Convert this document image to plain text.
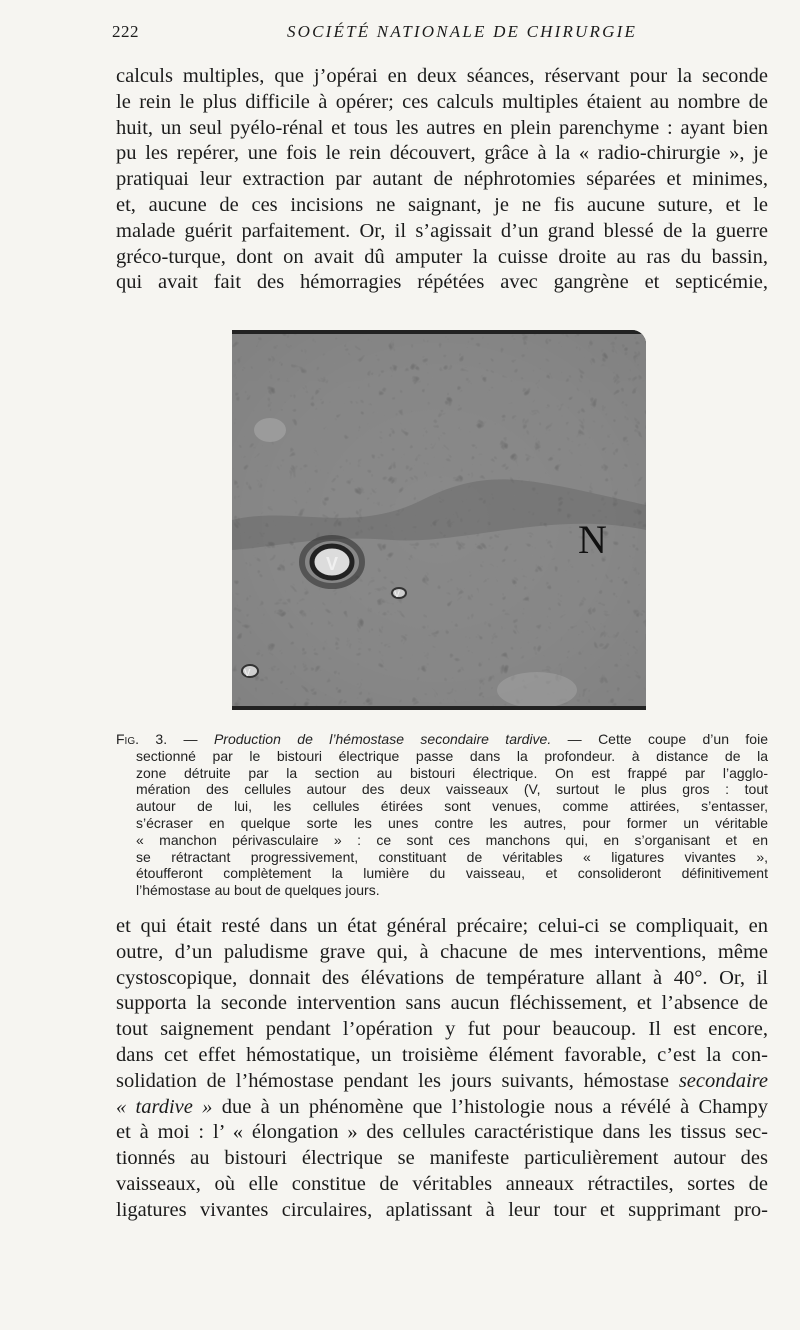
222	SOCIÉTÉ NATIONALE DE CHIRURGIE
calculs multiples, que j’opérai en deux séances, réservant pour la seconde
le rein le plus difficile à opérer; ces calculs multiples étaient au nombre de
huit, un seul pyélo-rénal et tous les autres en plein parenchyme : ayant bien
pu les repérer, une fois le rein découvert, grâce à la « radio-chirurgie », je
pratiquai leur extraction par autant de néphrotomies séparées et minimes,
et, aucune de ces incisions ne saignant, je ne fis aucune suture, et le
malade guérit parfaitement. Or, il s’agissait d’un grand blessé de la guerre
gréco-turque, dont on avait dû amputer la cuisse droite au ras du bassin,
qui avait fait des hémorragies répétées avec gangrène et septicémie,
V
v
v
N
Fig. 3. — Production de l’hémostase secondaire tardive. — Cette coupe d’un foie
sectionné par le bistouri électrique passe dans la profondeur. à distance de la
zone détruite par la section au bistouri électrique. On est frappé par l’agglo-
mération des cellules autour des deux vaisseaux (V, surtout le plus gros : tout
autour de lui, les cellules étirées sont venues, comme attirées, s’entasser,
s’écraser en quelque sorte les unes contre les autres, pour former un véritable
« manchon périvasculaire » : ce sont ces manchons qui, en s’organisant et en
se rétractant progressivement, constituant de véritables « ligatures vivantes »,
étoufferont complètement la lumière du vaisseau, et consolideront définitivement
l’hémostase au bout de quelques jours.
et qui était resté dans un état général précaire; celui-ci se compliquait, en
outre, d’un paludisme grave qui, à chacune de mes interventions, même
cystoscopique, donnait des élévations de température allant à 40°. Or, il
supporta la seconde intervention sans aucun fléchissement, et l’absence de
tout saignement pendant l’opération y fut pour beaucoup. Il est encore,
dans cet effet hémostatique, un troisième élément favorable, c’est la con-
solidation de l’hémostase pendant les jours suivants, hémostase secondaire
« tardive » due à un phénomène que l’histologie nous a révélé à Champy
et à moi : l’ « élongation » des cellules caractéristique dans les tissus sec-
tionnés au bistouri électrique se manifeste particulièrement autour des
vaisseaux, où elle constitue de véritables anneaux rétractiles, sortes de
ligatures vivantes circulaires, aplatissant à leur tour et supprimant pro-
